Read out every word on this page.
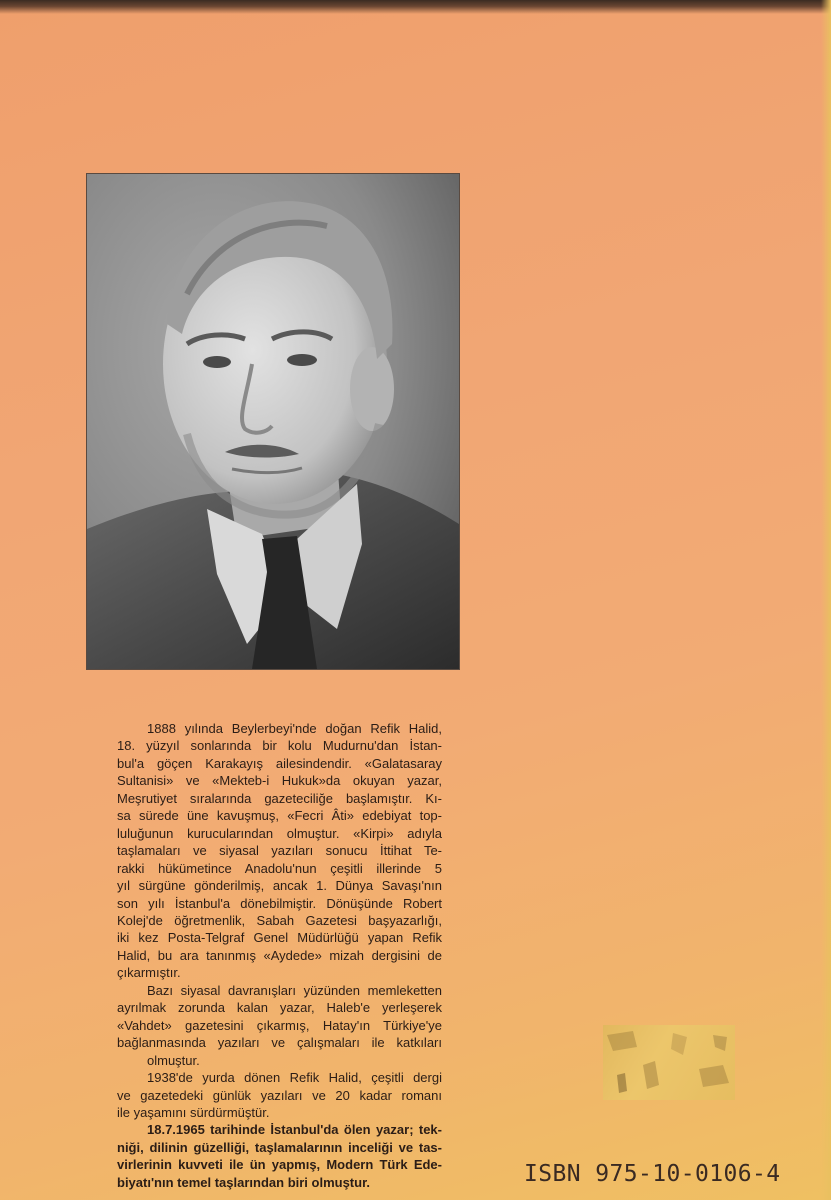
1888 yılında Beylerbeyi'nde doğan Refik Halid,
18. yüzyıl sonlarında bir kolu Mudurnu'dan İstan-
bul'a göçen Karakayış ailesindendir. «Galatasaray
Sultanisi» ve «Mekteb-i Hukuk»da okuyan yazar,
Meşrutiyet sıralarında gazeteciliğe başlamıştır. Kı-
sa sürede üne kavuşmuş, «Fecri Âti» edebiyat top-
luluğunun kurucularından olmuştur. «Kirpi» adıyla
taşlamaları ve siyasal yazıları sonucu İttihat Te-
rakki hükümetince Anadolu'nun çeşitli illerinde 5
yıl sürgüne gönderilmiş, ancak 1. Dünya Savaşı'nın
son yılı İstanbul'a dönebilmiştir. Dönüşünde Robert
Kolej'de öğretmenlik, Sabah Gazetesi başyazarlığı,
iki kez Posta-Telgraf Genel Müdürlüğü yapan Refik
Halid, bu ara tanınmış «Aydede» mizah dergisini de
çıkarmıştır.
Bazı siyasal davranışları yüzünden memleketten
ayrılmak zorunda kalan yazar, Haleb'e yerleşerek
«Vahdet» gazetesini çıkarmış, Hatay'ın Türkiye'ye
bağlanmasında yazıları ve çalışmaları ile katkıları
olmuştur.
1938'de yurda dönen Refik Halid, çeşitli dergi
ve gazetedeki günlük yazıları ve 20 kadar romanı
ile yaşamını sürdürmüştür.
18.7.1965 tarihinde İstanbul'da ölen yazar; tek-
niği, dilinin güzelliği, taşlamalarının inceliği ve tas-
virlerinin kuvveti ile ün yapmış, Modern Türk Ede-
biyatı'nın temel taşlarından biri olmuştur.	ISBN 975-10-0106-4
